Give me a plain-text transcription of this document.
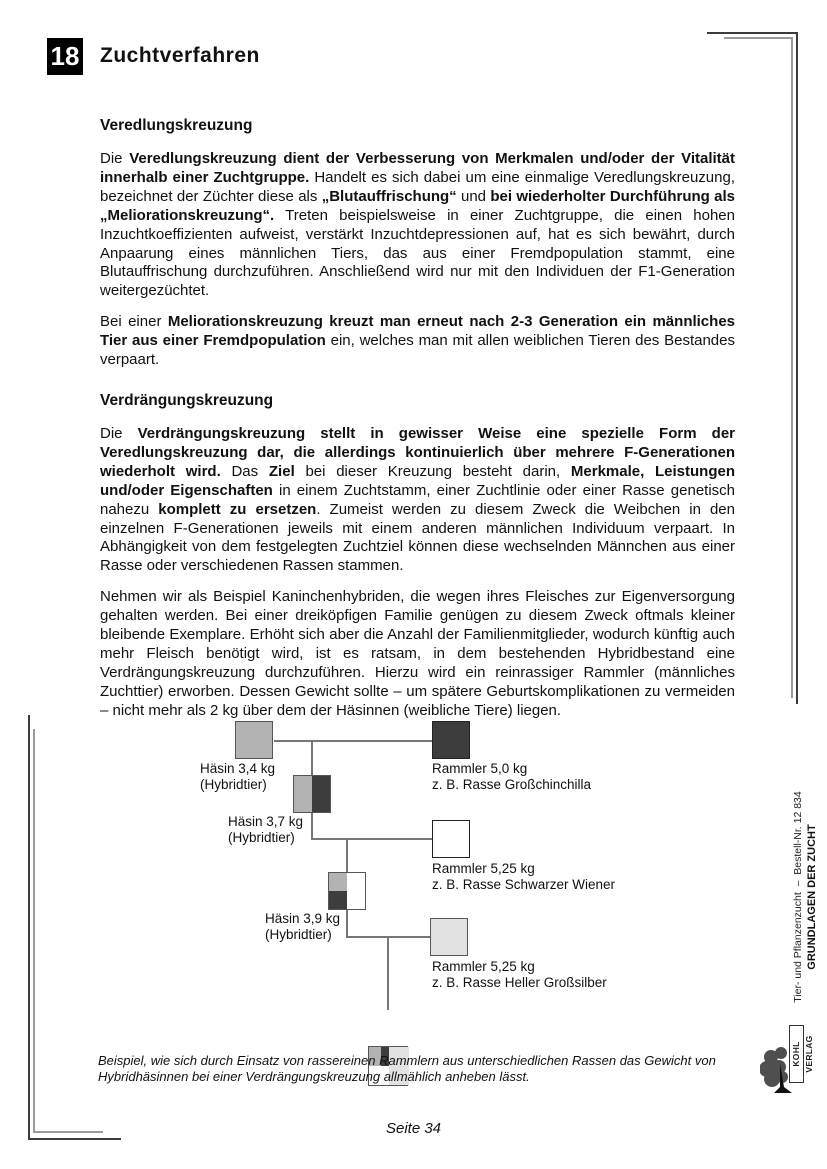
18 Zuchtverfahren
Veredlungskreuzung

Die Veredlungskreuzung dient der Verbesserung von Merkmalen und/oder der Vitalität innerhalb einer Zuchtgruppe. Handelt es sich dabei um eine einmalige Veredlungskreuzung, bezeichnet der Züchter diese als „Blutauffrischung“ und bei wiederholter Durchführung als „Meliorationskreuzung“. Treten beispielsweise in einer Zuchtgruppe, die einen hohen Inzuchtkoeffizienten aufweist, verstärkt Inzuchtdepressionen auf, hat es sich bewährt, durch Anpaarung eines männlichen Tiers, das aus einer Fremdpopulation stammt, eine Blutauffrischung durchzuführen. Anschließend wird nur mit den Individuen der F1-Generation weitergezüchtet.

Bei einer Meliorationskreuzung kreuzt man erneut nach 2-3 Generation ein männliches Tier aus einer Fremdpopulation ein, welches man mit allen weiblichen Tieren des Bestandes verpaart.

Verdrängungskreuzung

Die Verdrängungskreuzung stellt in gewisser Weise eine spezielle Form der Veredlungskreuzung dar, die allerdings kontinuierlich über mehrere F-Generationen wiederholt wird. Das Ziel bei dieser Kreuzung besteht darin, Merkmale, Leistungen und/oder Eigenschaften in einem Zuchtstamm, einer Zuchtlinie oder einer Rasse genetisch nahezu komplett zu ersetzen. Zumeist werden zu diesem Zweck die Weibchen in den einzelnen F-Generationen jeweils mit einem anderen männlichen Individuum verpaart. In Abhängigkeit von dem festgelegten Zuchtziel können diese wechselnden Männchen aus einer Rasse oder verschiedenen Rassen stammen.

Nehmen wir als Beispiel Kaninchenhybriden, die wegen ihres Fleisches zur Eigenversorgung gehalten werden. Bei einer dreiköpfigen Familie genügen zu diesem Zweck oftmals kleiner bleibende Exemplare. Erhöht sich aber die Anzahl der Familienmitglieder, wodurch künftig auch mehr Fleisch benötigt wird, ist es ratsam, in dem bestehenden Hybridbestand eine Verdrängungskreuzung durchzuführen. Hierzu wird ein reinrassiger Rammler (männliches Zuchttier) erworben. Dessen Gewicht sollte – um spätere Geburtskomplikationen zu vermeiden – nicht mehr als 2 kg über dem der Häsinnen (weibliche Tiere) liegen.

Häsin 3,4 kg
(Hybridtier)
Rammler 5,0 kg
z. B. Rasse Großchinchilla
Häsin 3,7 kg
(Hybridtier)
Rammler 5,25 kg
z. B. Rasse Schwarzer Wiener
Häsin 3,9 kg
(Hybridtier)
Rammler 5,25 kg
z. B. Rasse Heller Großsilber

Beispiel, wie sich durch Einsatz von rassereinen Rammlern aus unterschiedlichen Rassen das Gewicht von Hybridhäsinnen bei einer Verdrängungskreuzung allmählich anheben lässt.

Tier- und Pflanzenzucht  –  Bestell-Nr. 12 834 GRUNDLAGEN DER ZUCHT
KOHL VERLAG
Seite 34
